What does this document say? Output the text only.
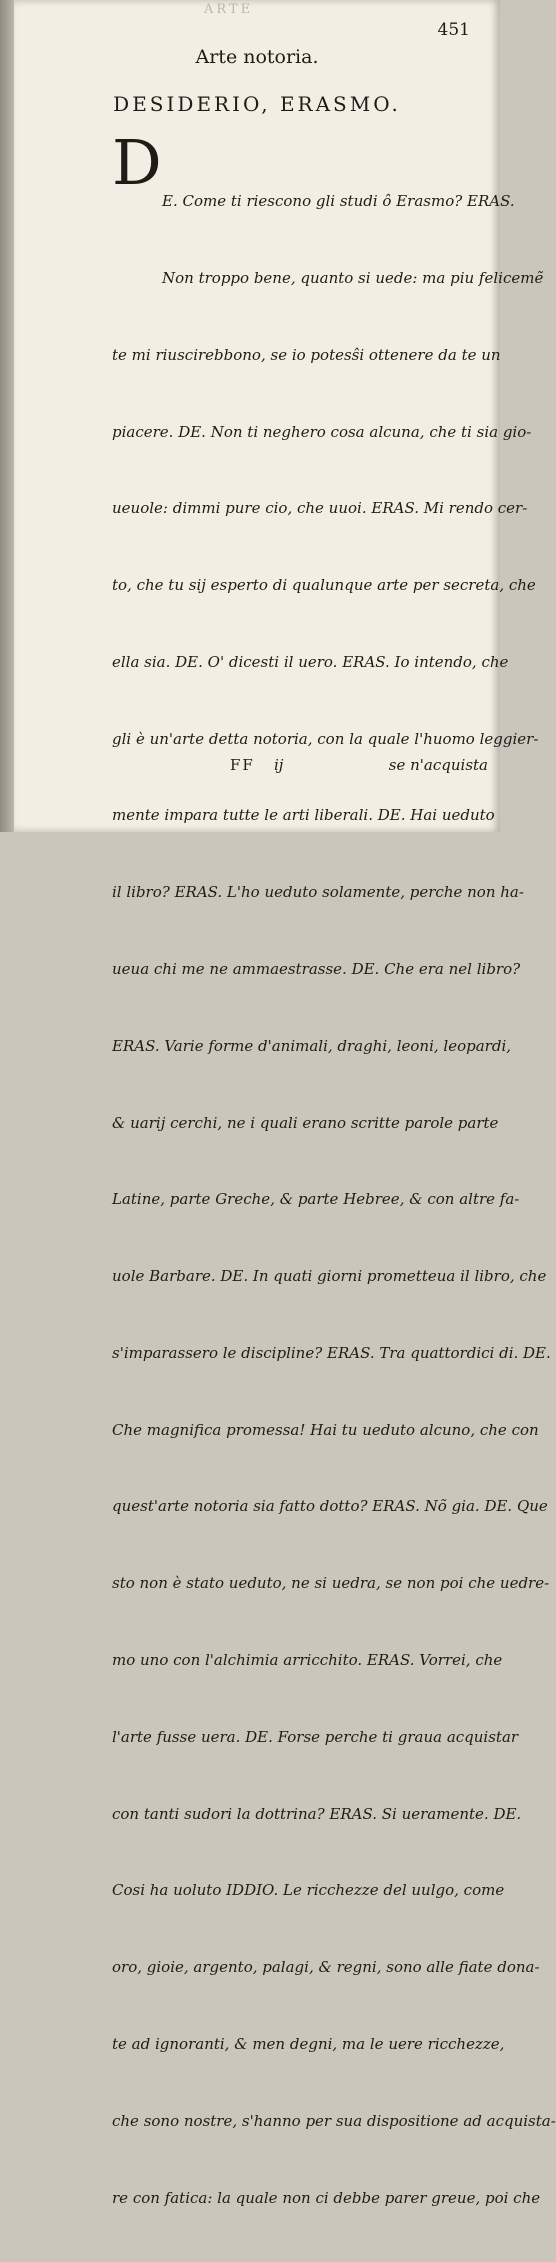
ARTE
451
Arte notoria.
DESIDERIO, ERASMO.
D

E. Come ti riescono gli studi ô Erasmo? ERAS.

Non troppo bene, quanto si uede: ma piu felicemẽ

te mi riuscirebbono, se io potesŝi ottenere da te un

piacere. DE. Non ti neghero cosa alcuna, che ti sia gio-

ueuole: dimmi pure cio, che uuoi. ERAS. Mi rendo cer-

to, che tu sij esperto di qualunque arte per secreta, che

ella sia. DE. O' dicesti il uero. ERAS. Io intendo, che

gli è un'arte detta notoria, con la quale l'huomo leggier-

mente impara tutte le arti liberali. DE. Hai ueduto

il libro? ERAS. L'ho ueduto solamente, perche non ha-

ueua chi me ne ammaestrasse. DE. Che era nel libro?

ERAS. Varie forme d'animali, draghi, leoni, leopardi,

& uarij cerchi, ne i quali erano scritte parole parte

Latine, parte Greche, & parte Hebree, & con altre fa-

uole Barbare. DE. In quati giorni prometteua il libro, che

s'imparassero le discipline? ERAS. Tra quattordici di. DE.

Che magnifica promessa! Hai tu ueduto alcuno, che con

quest'arte notoria sia fatto dotto? ERAS. Nõ gia. DE. Que

sto non è stato ueduto, ne si uedra, se non poi che uedre-

mo uno con l'alchimia arricchito. ERAS. Vorrei, che

l'arte fusse uera. DE. Forse perche ti graua acquistar

con tanti sudori la dottrina? ERAS. Si ueramente. DE.

Cosi ha uoluto IDDIO. Le ricchezze del uulgo, come

oro, gioie, argento, palagi, & regni, sono alle fiate dona-

te ad ignoranti, & men degni, ma le uere ricchezze,

che sono nostre, s'hanno per sua dispositione ad acquista-

re con fatica: la quale non ci debbe parer greue, poi che

FF ij	se n'acquista
